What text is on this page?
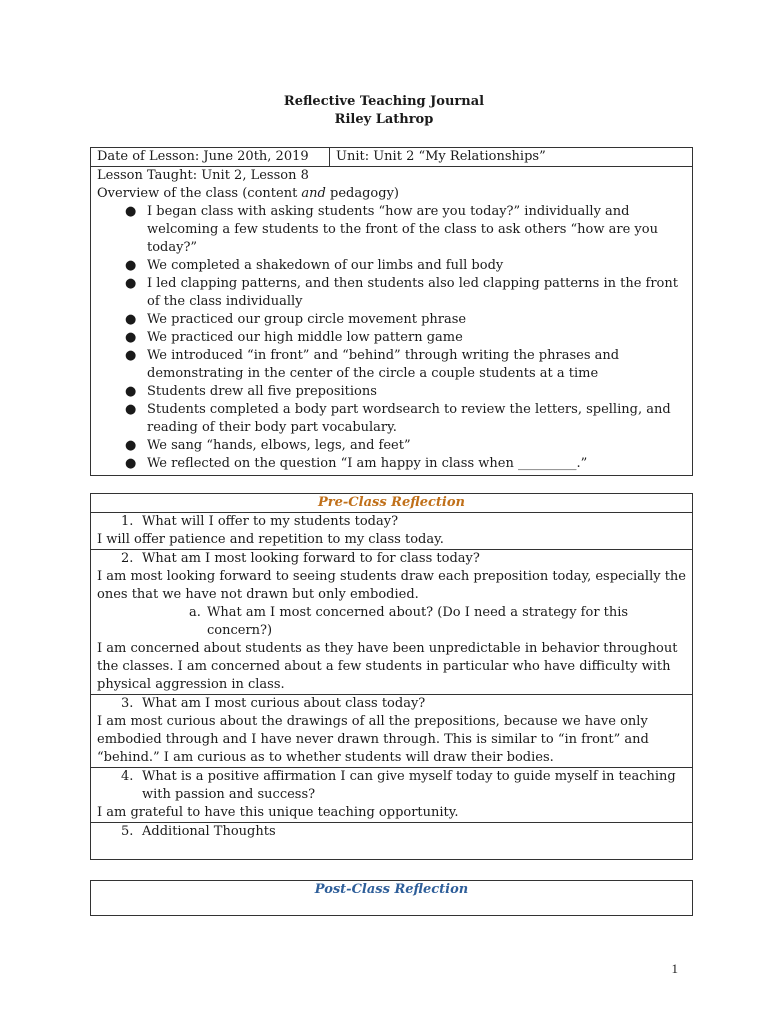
Reflective Teaching Journal
Riley Lathrop
Date of Lesson: June 20th, 2019	Unit: Unit 2 “My Relationships”

Lesson Taught: Unit 2, Lesson 8
Overview of the class (content and pedagogy)
● I began class with asking students “how are you today?” individually and welcoming a few students to the front of the class to ask others “how are you today?”
● We completed a shakedown of our limbs and full body
● I led clapping patterns, and then students also led clapping patterns in the front of the class individually
● We practiced our group circle movement phrase
● We practiced our high middle low pattern game
● We introduced “in front” and “behind” through writing the phrases and demonstrating in the center of the circle a couple students at a time
● Students drew all five prepositions
● Students completed a body part wordsearch to review the letters, spelling, and reading of their body part vocabulary.
● We sang “hands, elbows, legs, and feet”
● We reflected on the question “I am happy in class when _________.”
Pre-Class Reflection

1. What will I offer to my students today?
I will offer patience and repetition to my class today.

2. What am I most looking forward to for class today?
I am most looking forward to seeing students draw each preposition today, especially the ones that we have not drawn but only embodied.
a. What am I most concerned about? (Do I need a strategy for this concern?)
I am concerned about students as they have been unpredictable in behavior throughout the classes. I am concerned about a few students in particular who have difficulty with physical aggression in class.

3. What am I most curious about class today?
I am most curious about the drawings of all the prepositions, because we have only embodied through and I have never drawn through. This is similar to “in front” and “behind.” I am curious as to whether students will draw their bodies.

4. What is a positive affirmation I can give myself today to guide myself in teaching with passion and success?
I am grateful to have this unique teaching opportunity.

5. Additional Thoughts
Post-Class Reflection
1
